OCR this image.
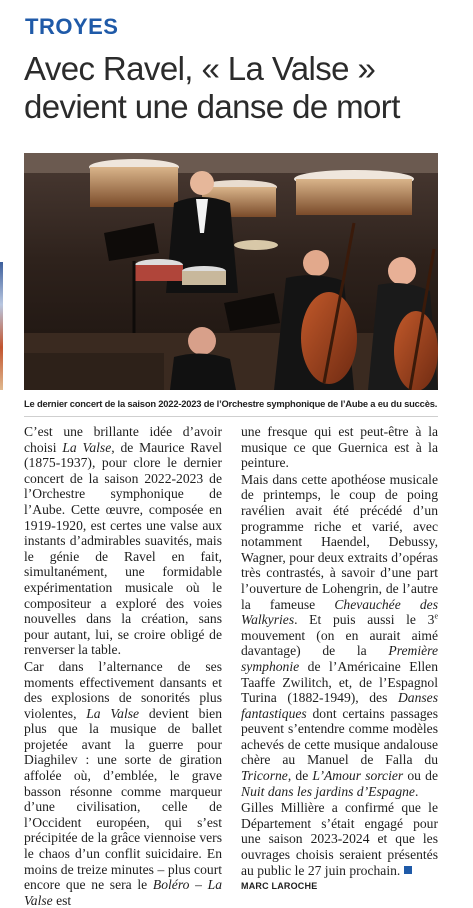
TROYES
Avec Ravel, « La Valse »
devient une danse de mort
Le dernier concert de la saison 2022-2023 de l’Orchestre symphonique de l’Aube a eu du succès.

C’est une brillante idée d’avoir choisi La Valse, de Maurice Ravel (1875-1937), pour clore le dernier concert de la saison 2022-2023 de l’Orchestre symphonique de l’Aube. Cette œuvre, composée en 1919-1920, est certes une valse aux instants d’admirables suavités, mais le génie de Ravel en fait, simultanément, une formidable expérimentation musicale où le compositeur a exploré des voies nouvelles dans la création, sans pour autant, lui, se croire obligé de renverser la table.

Car dans l’alternance de ses moments effectivement dansants et des explosions de sonorités plus violentes, La Valse devient bien plus que la musique de ballet projetée avant la guerre pour Diaghilev : une sorte de giration affolée où, d’emblée, le grave basson résonne comme marqueur d’une civilisation, celle de l’Occident européen, qui s’est précipitée de la grâce viennoise vers le chaos d’un conflit suicidaire. En moins de treize minutes – plus court encore que ne sera le Boléro – La Valse est

une fresque qui est peut-être à la musique ce que Guernica est à la peinture.

Mais dans cette apothéose musicale de printemps, le coup de poing ravélien avait été précédé d’un programme riche et varié, avec notamment Haendel, Debussy, Wagner, pour deux extraits d’opéras très contrastés, à savoir d’une part l’ouverture de Lohengrin, de l’autre la fameuse Chevauchée des Walkyries. Et puis aussi le 3e mouvement (on en aurait aimé davantage) de la Première symphonie de l’Américaine Ellen Taaffe Zwilitch, et, de l’Espagnol Turina (1882-1949), des Danses fantastiques dont certains passages peuvent s’entendre comme modèles achevés de cette musique andalouse chère au Manuel de Falla du Tricorne, de L’Amour sorcier ou de Nuit dans les jardins d’Espagne.

Gilles Millière a confirmé que le Département s’était engagé pour une saison 2023-2024 et que les ouvrages choisis seraient présentés au public le 27 juin prochain.

MARC LAROCHE
